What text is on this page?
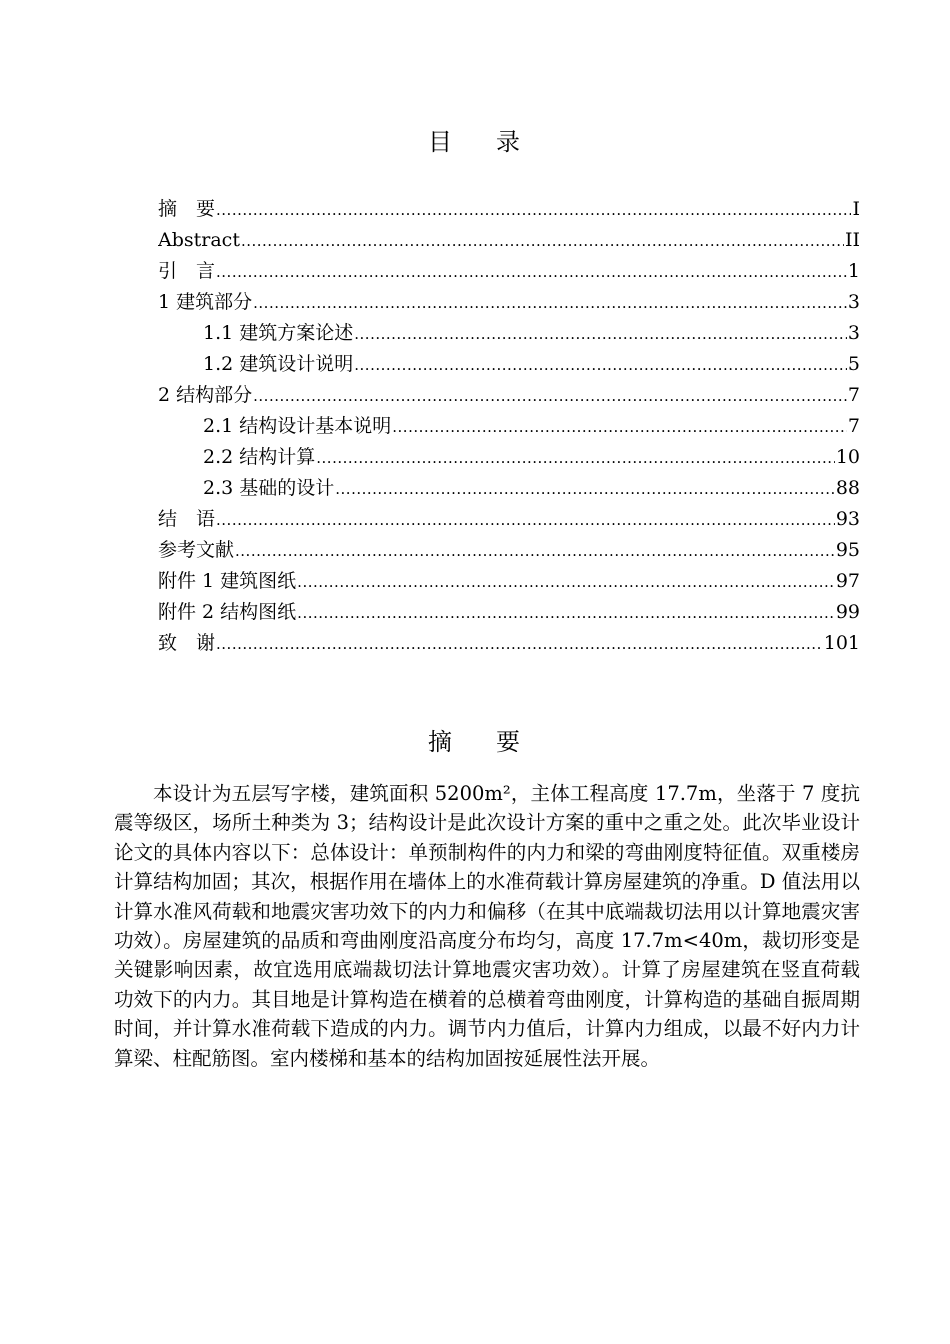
目 录
摘　要 .....	I
Abstract .....	II
引　言 .....	1
1 建筑部分 .....	3
1.1 建筑方案论述 .....	3
1.2 建筑设计说明 .....	5
2 结构部分 .....	7
2.1 结构设计基本说明 .....	7
2.2 结构计算 .....	10
2.3 基础的设计 .....	88
结　语 .....	93
参考文献 .....	95
附件 1 建筑图纸 .....	97
附件 2 结构图纸 .....	99
致　谢 .....	101
摘 要

本设计为五层写字楼，建筑面积 5200m²，主体工程高度 17.7m，坐落于 7 度抗震等级区，场所土种类为 3；结构设计是此次设计方案的重中之重之处。此次毕业设计论文的具体内容以下：总体设计：单预制构件的内力和梁的弯曲刚度特征值。双重楼房计算结构加固；其次，根据作用在墙体上的水准荷载计算房屋建筑的净重。D 值法用以计算水准风荷载和地震灾害功效下的内力和偏移（在其中底端裁切法用以计算地震灾害功效）。房屋建筑的品质和弯曲刚度沿高度分布均匀，高度 17.7m<40m，裁切形变是关键影响因素，故宜选用底端裁切法计算地震灾害功效）。计算了房屋建筑在竖直荷载功效下的内力。其目地是计算构造在横着的总横着弯曲刚度，计算构造的基础自振周期时间，并计算水准荷载下造成的内力。调节内力值后，计算内力组成，以最不好内力计算梁、柱配筋图。室内楼梯和基本的结构加固按延展性法开展。
